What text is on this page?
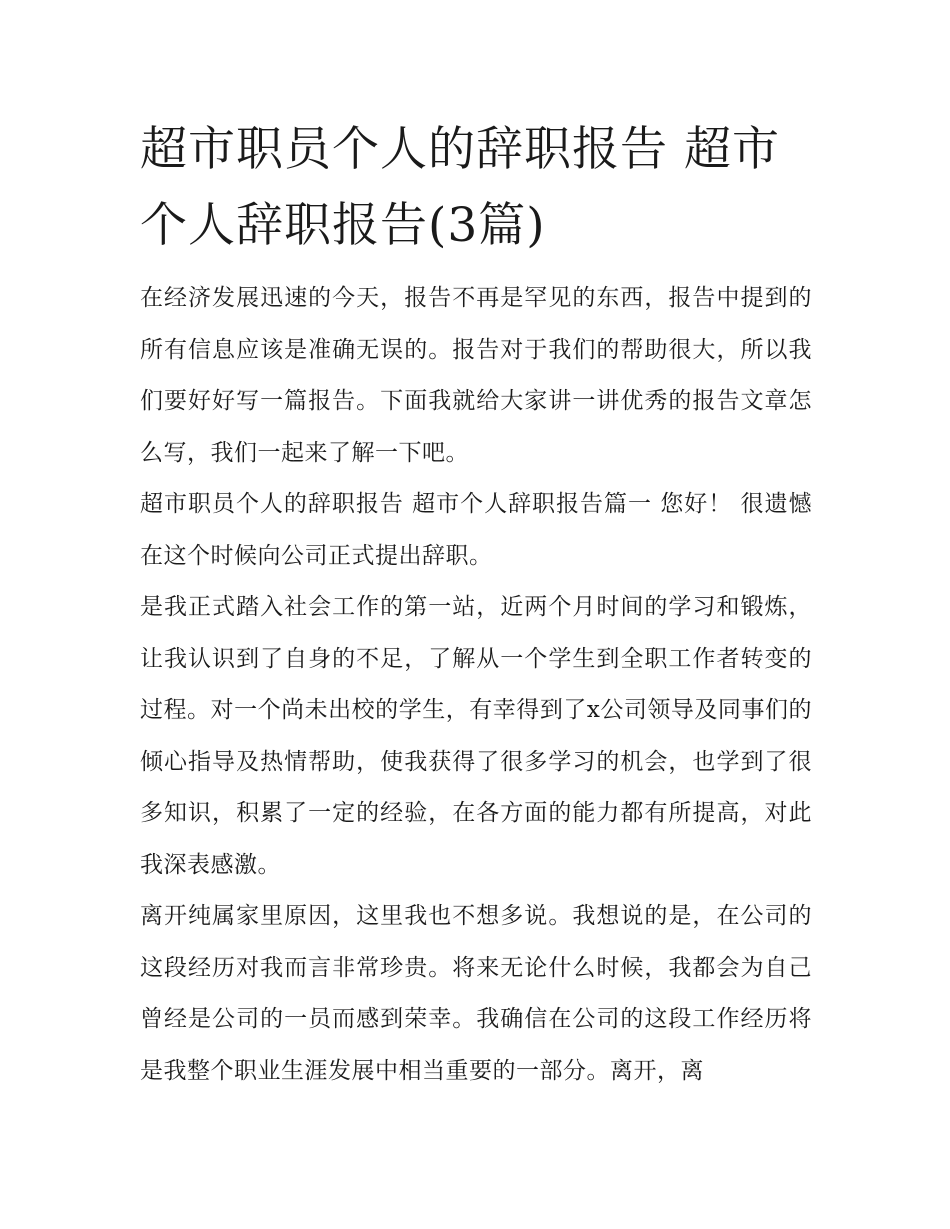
超市职员个人的辞职报告 超市个人辞职报告(3篇)

在经济发展迅速的今天，报告不再是罕见的东西，报告中提到的所有信息应该是准确无误的。报告对于我们的帮助很大，所以我们要好好写一篇报告。下面我就给大家讲一讲优秀的报告文章怎么写，我们一起来了解一下吧。

超市职员个人的辞职报告 超市个人辞职报告篇一 您好！ 很遗憾在这个时候向公司正式提出辞职。

是我正式踏入社会工作的第一站，近两个月时间的学习和锻炼，让我认识到了自身的不足，了解从一个学生到全职工作者转变的过程。对一个尚未出校的学生，有幸得到了x公司领导及同事们的倾心指导及热情帮助，使我获得了很多学习的机会，也学到了很多知识，积累了一定的经验，在各方面的能力都有所提高，对此我深表感激。

离开纯属家里原因，这里我也不想多说。我想说的是，在公司的这段经历对我而言非常珍贵。将来无论什么时候，我都会为自己曾经是公司的一员而感到荣幸。我确信在公司的这段工作经历将是我整个职业生涯发展中相当重要的一部分。离开，离
